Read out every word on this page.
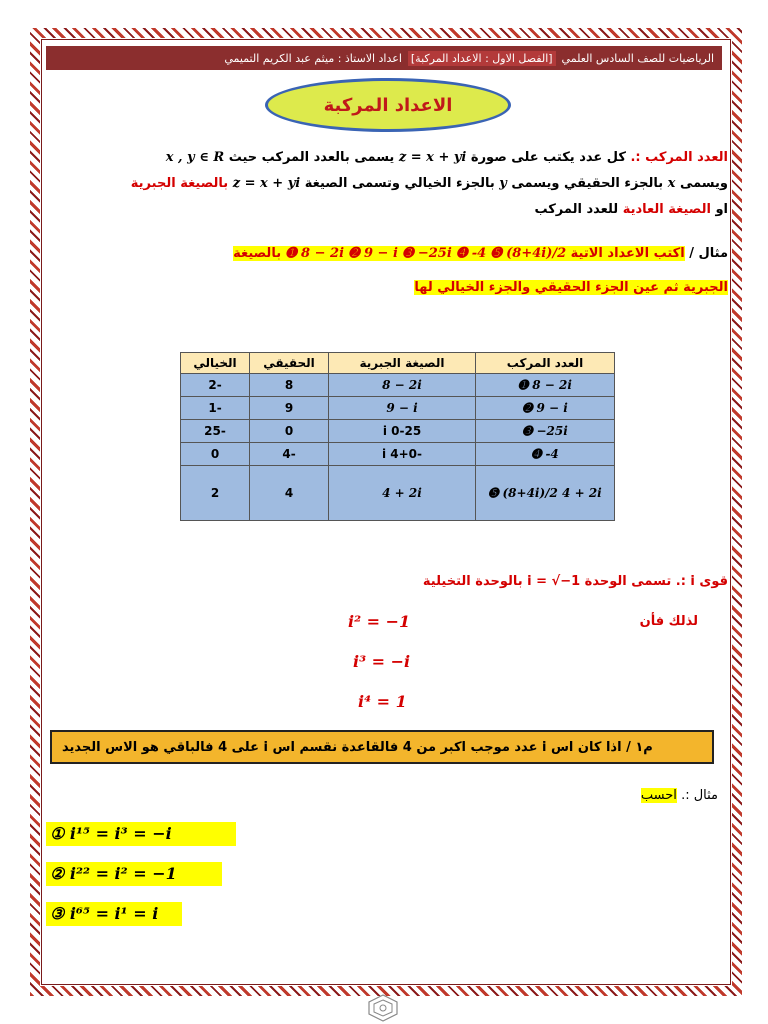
الرياضيات للصف السادس العلمي
[الفصل الاول : الاعداد المركبة]
اعداد الاستاذ : ميثم عبد الكريم التميمي
الاعداد المركبة
العدد المركب :. كل عدد يكتب على صورة z = x + yi يسمى بالعدد المركب حيث x , y ∈ R
ويسمى x بالجزء الحقيقي ويسمى y بالجزء الخيالي وتسمى الصيغة z = x + yi بالصيغة الجبرية
او الصيغة العادية للعدد المركب
مثال / اكتب الاعداد الاتية ➎ (8+4i)/2 ➍ -4 ➌ −25i ➋ 9 − i ➊ 8 − 2i بالصيغة
الجبرية ثم عين الجزء الحقيقي والجزء الخيالي لها
العدد المركب	الصيغة الجبرية	الحقيقي	الخيالي
➊ 8 − 2i	8 − 2i	8	-2
➋ 9 − i	9 − i	9	-1
➌ −25i	0-25 i	0	-25
➍ -4	-4+0 i	-4	0
➎ (8+4i)/2 4 + 2i	4 + 2i	4	2
قوى i :. تسمى الوحدة i = √−1 بالوحدة التخيلية
لذلك فأن
i² = −1
i³ = −i
i⁴ = 1
م١ / اذا كان اس i عدد موجب اكبر من 4 فالقاعدة نقسم اس i على 4 فالباقي هو الاس الجديد
مثال :. احسب
① i¹⁵ = i³ = −i
② i²² = i² = −1
③ i⁶⁵ = i¹ = i
